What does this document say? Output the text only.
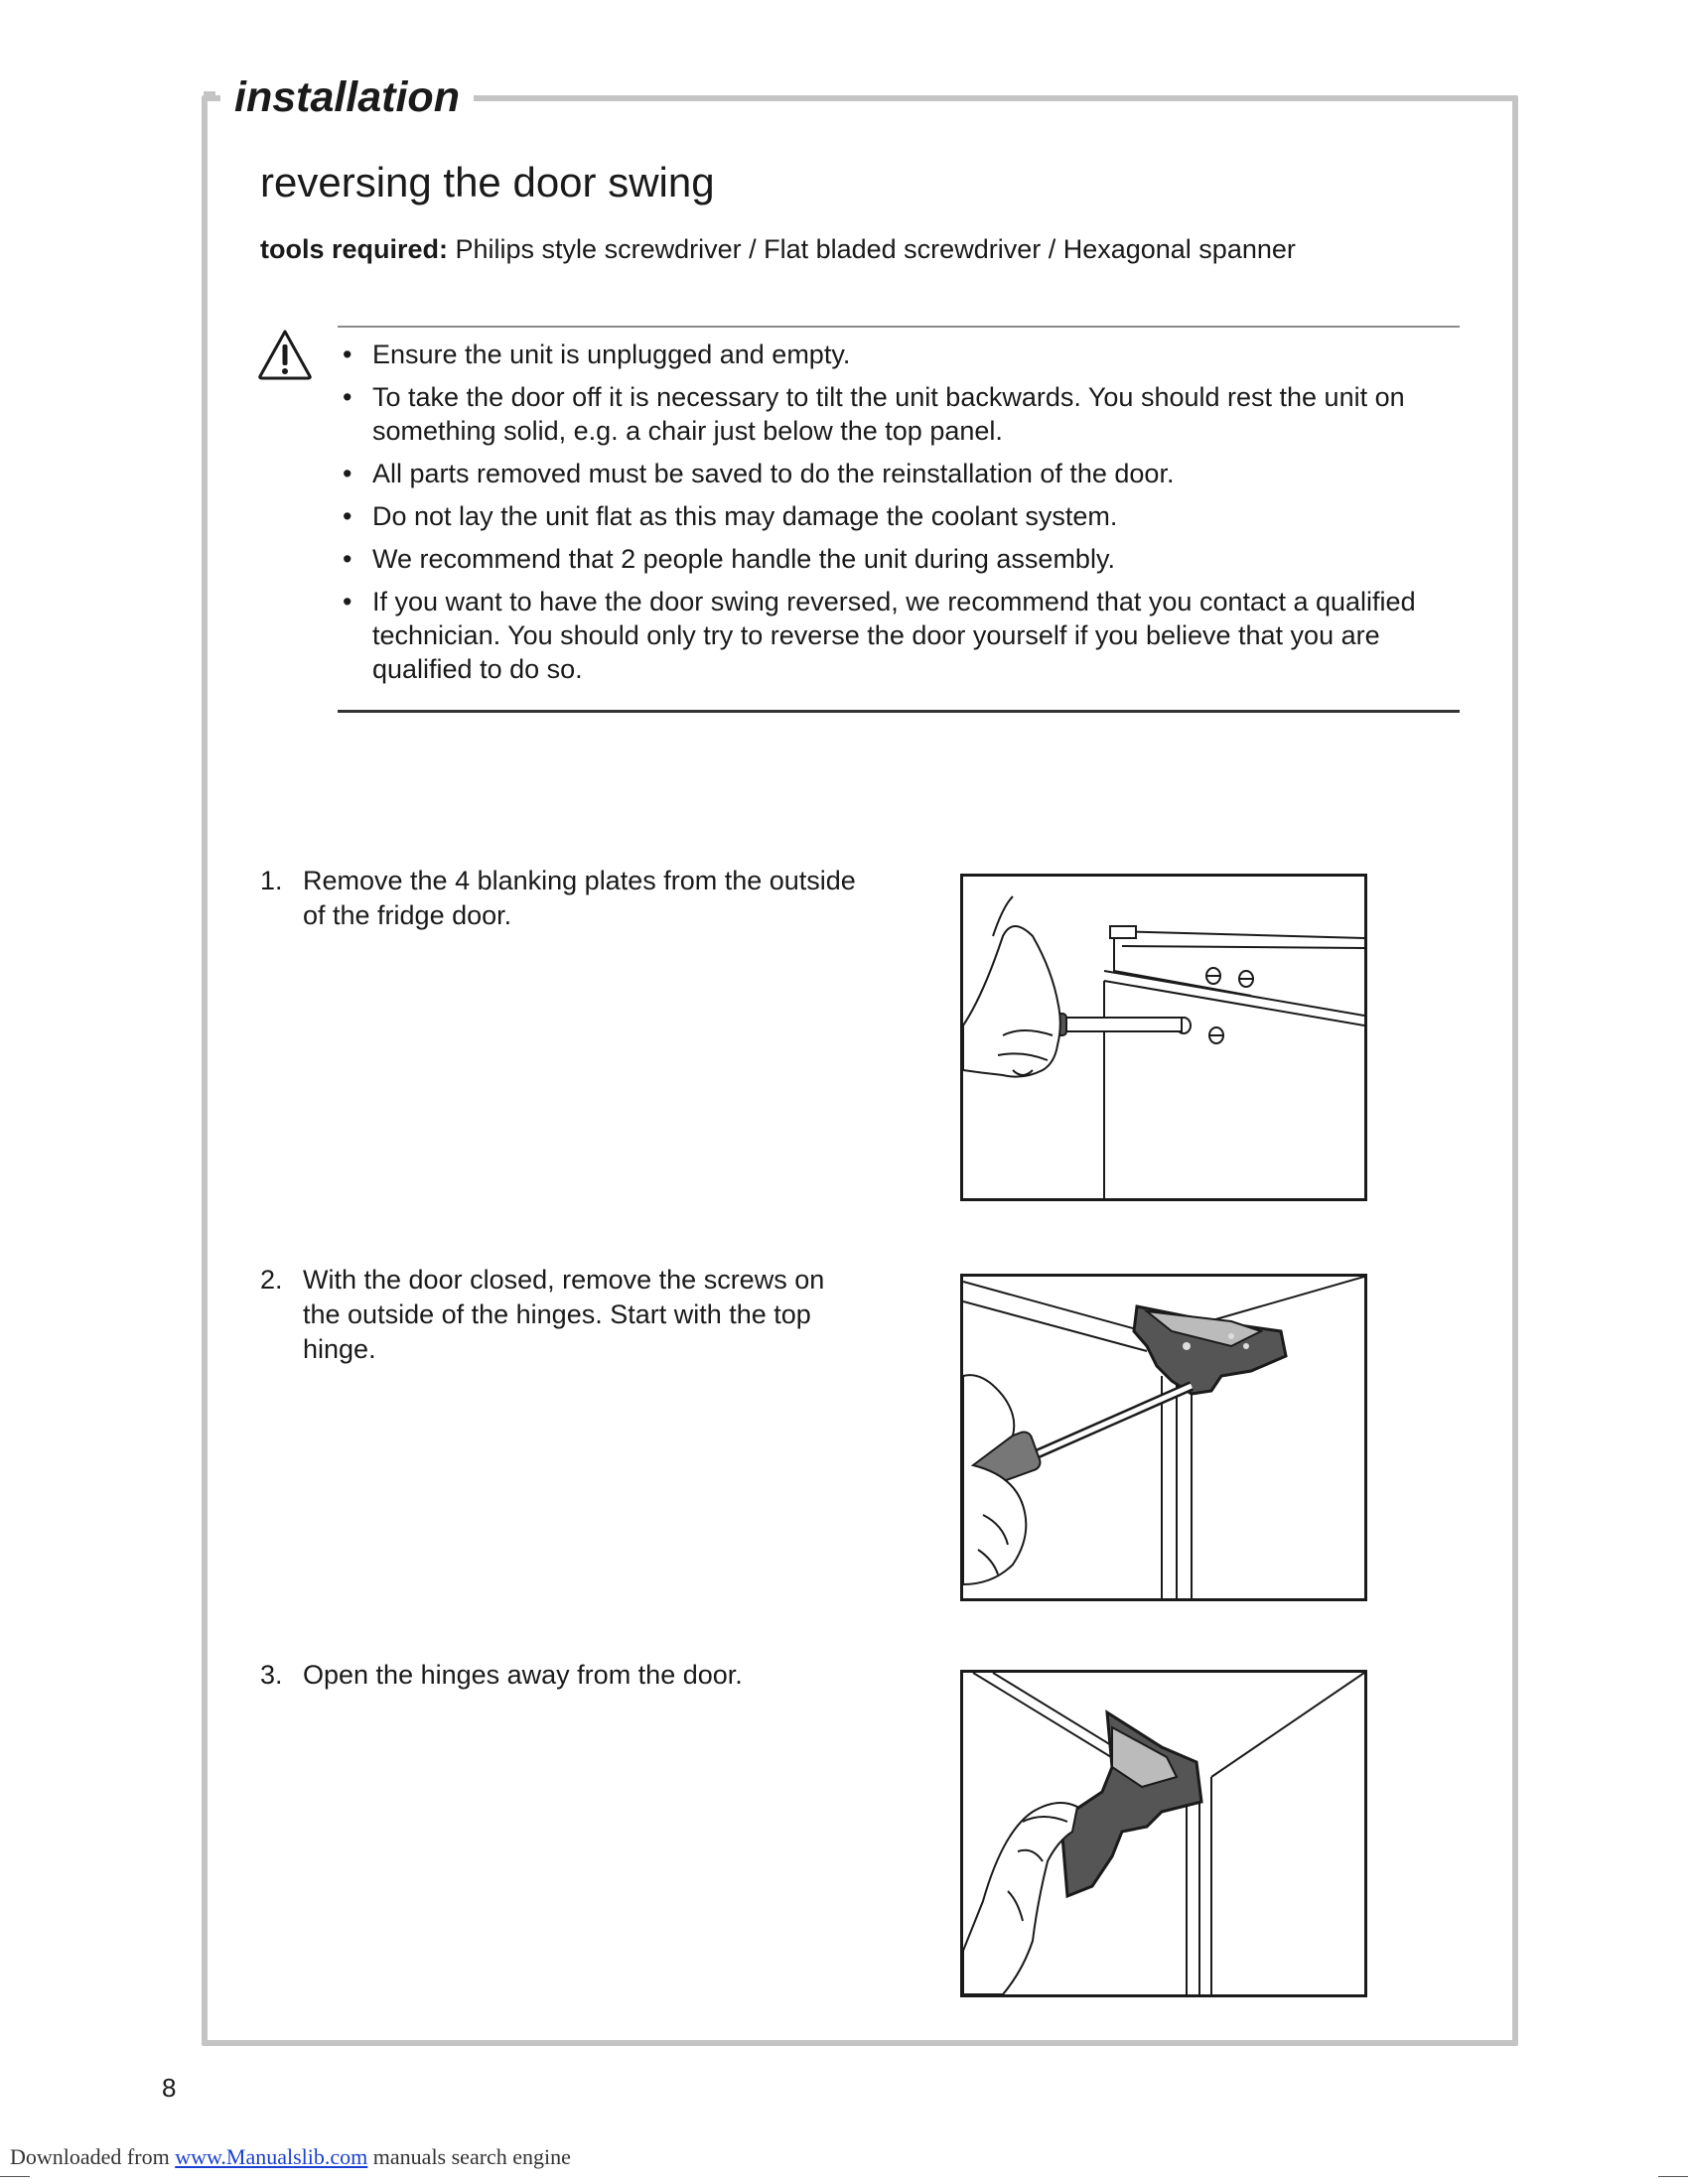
installation
reversing the door swing
tools required: Philips style screwdriver / Flat bladed screwdriver / Hexagonal spanner
• Ensure the unit is unplugged and empty.
• To take the door off it is necessary to tilt the unit backwards. You should rest the unit on something solid, e.g. a chair just below the top panel.
• All parts removed must be saved to do the reinstallation of the door.
• Do not lay the unit flat as this may damage the coolant system.
• We recommend that 2 people handle the unit during assembly.
• If you want to have the door swing reversed, we recommend that you contact a qualified technician. You should only try to reverse the door yourself if you believe that you are qualified to do so.
1. Remove the 4 blanking plates from the outside of the fridge door.
2. With the door closed, remove the screws on the outside of the hinges. Start with the top hinge.
3. Open the hinges away from the door.
8
Downloaded from www.Manualslib.com manuals search engine
